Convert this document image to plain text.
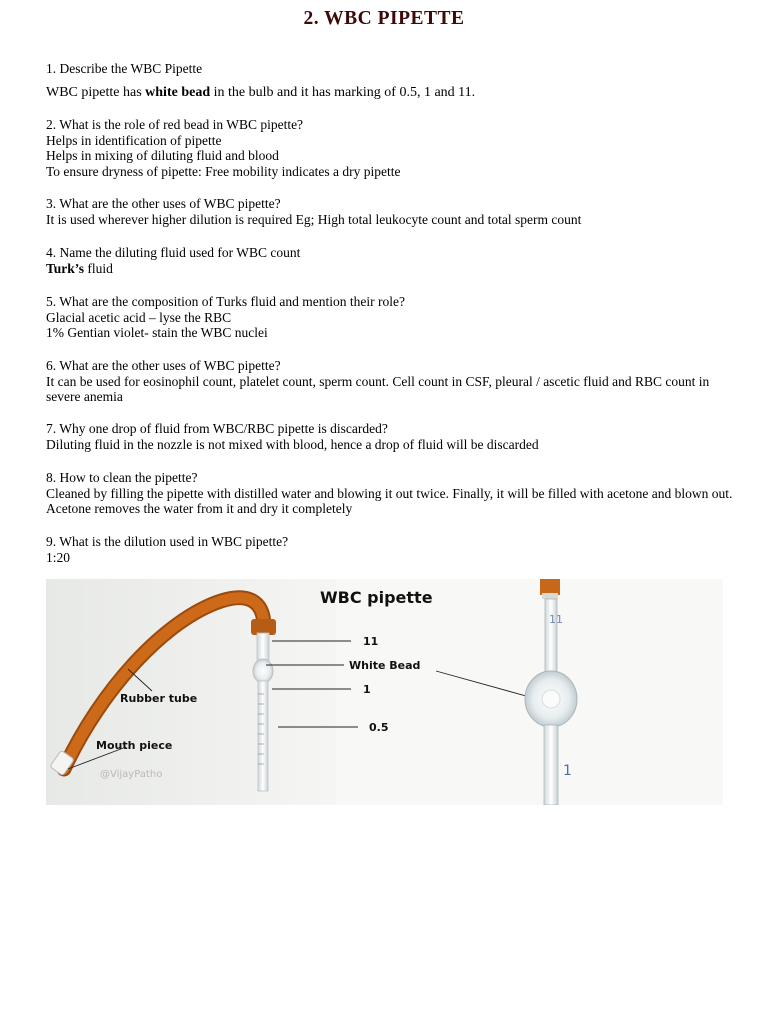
2. WBC PIPETTE

1. Describe the WBC Pipette

WBC pipette has white bead in the bulb and it has marking of 0.5, 1 and 11.

2. What is the role of red bead in WBC pipette?

Helps in identification of pipette

Helps in mixing of diluting fluid and blood

To ensure dryness of pipette: Free mobility indicates a dry pipette

3. What are the other uses of WBC pipette?

It is used wherever higher dilution is required Eg; High total leukocyte count and total sperm count

4. Name the diluting fluid used for WBC count

Turk’s fluid

5. What are the composition of Turks fluid and mention their role?

Glacial acetic acid – lyse the RBC

1% Gentian violet- stain the WBC nuclei

6. What are the other uses of WBC pipette?

It can be used for eosinophil count, platelet count, sperm count. Cell count in CSF, pleural / ascetic fluid and RBC count in severe anemia

7. Why one drop of fluid from WBC/RBC pipette is discarded?

Diluting fluid in the nozzle is not mixed with blood, hence a drop of fluid will be discarded

8. How to clean the pipette?

Cleaned by filling the pipette with distilled water and blowing it out twice. Finally, it will be filled with acetone and blown out. Acetone removes the water from it and dry it completely

9. What is the dilution used in WBC pipette?

1:20

WBC pipette
11
White Bead
1
0.5
Rubber tube
Mouth piece
@VijayPatho
11
1
